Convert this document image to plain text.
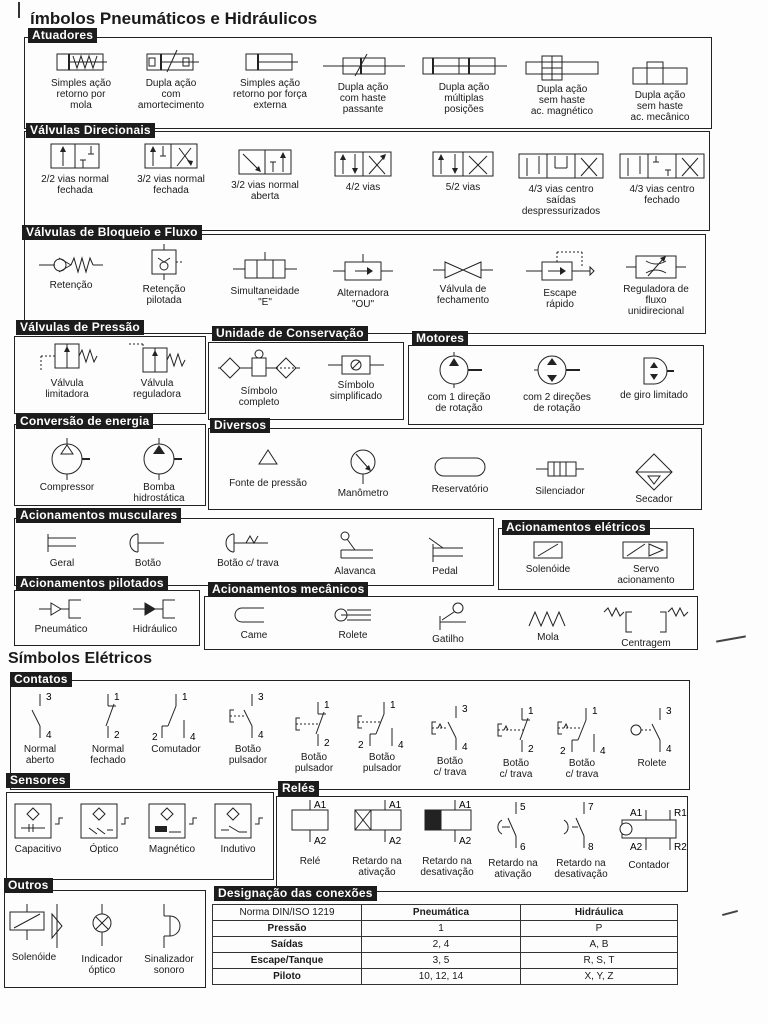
ímbolos Pneumáticos e Hidráulicos
Atuadores
Simples ação
retorno por
mola
Dupla ação
com
amortecimento
Simples ação
retorno por força
externa
Dupla ação
com haste
passante
Dupla ação
múltiplas
posições
Dupla ação
sem haste
ac. magnético
Dupla ação
sem haste
ac. mecânico
Válvulas Direcionais
2/2 vias normal
fechada
3/2 vias normal
fechada	3/2 vias normal
aberta
4/2 vias	5/2 vias	4/3 vias centro
saídas
despressurizados
4/3 vias centro
fechado
Válvulas de Bloqueio e Fluxo
Retenção	Retenção
pilotada
Simultaneidade
"E"
Alternadora
"OU"
Válvula de
fechamento
Escape
rápido
Reguladora de
fluxo
unidirecional
Válvulas de Pressão
Válvula
limitadora
Válvula
reguladora
Unidade de Conservação
Símbolo
completo
Símbolo
simplificado
Motores
com 1 direção
de rotação
com 2 direções
de rotação
de giro limitado
Conversão de energia
Compressor	Bomba
hidrostática
Diversos
Fonte de pressão
Manômetro	Reservatório	Silenciador
Secador
Acionamentos musculares
Geral	Botão	Botão c/ trava
Alavanca	Pedal
Acionamentos elétricos
Solenóide	Servo
acionamento
Acionamentos pilotados
Pneumático	Hidráulico
Acionamentos mecânicos
Came	Rolete	Gatilho	Mola
Centragem
Símbolos Elétricos
Contatos
3
4
Normal
aberto
1
2
Normal
fechado
1
2	4
Comutador
3
4
Botão
pulsador
1
2
Botão
pulsador
1
2	4
Botão
pulsador
3
4
Botão
c/ trava
1
2
Botão
c/ trava
1
2	4
Botão
c/ trava
3
4
Rolete
Sensores
Capacitivo	Óptico	Magnético	Indutivo
Relés
A1
A2
Relé
A1
A2
Retardo na
ativação
A1
A2
Retardo na
desativação
5
6
Retardo na
ativação
7
8
Retardo na
desativação
A1
A2
R1
R2
Contador
Outros
Solenóide	Indicador
óptico
Sinalizador
sonoro
Designação das conexões
Norma DIN/ISO 1219	Pneumática	Hidráulica
Pressão	1	P
Saídas	2, 4	A, B
Escape/Tanque	3, 5	R, S, T
Piloto	10, 12, 14	X, Y, Z
